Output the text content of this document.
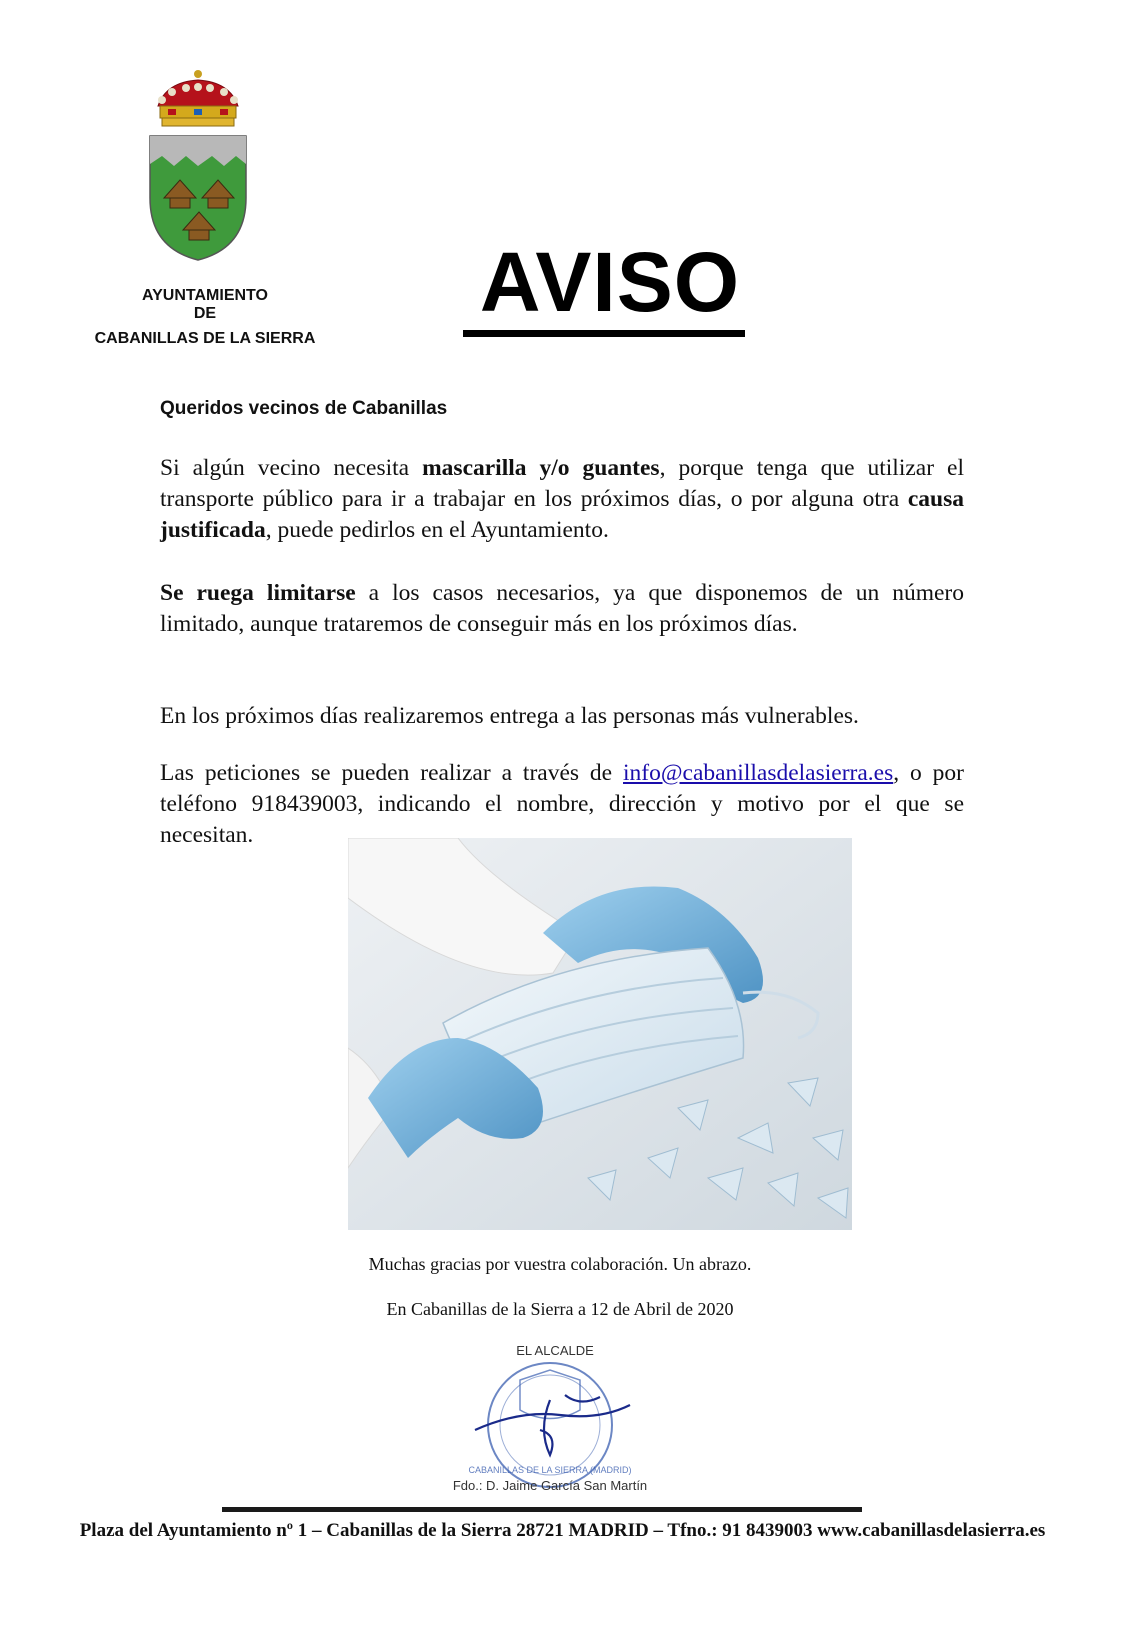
AYUNTAMIENTO
DE
CABANILLAS DE LA SIERRA
AVISO
Queridos vecinos de Cabanillas
Si algún vecino necesita mascarilla y/o guantes, porque tenga que utilizar el transporte público para ir a trabajar en los próximos días, o por alguna otra causa justificada, puede pedirlos en el Ayuntamiento.
Se ruega limitarse a los casos necesarios, ya que disponemos de un número limitado, aunque trataremos de conseguir más en los próximos días.
En los próximos días realizaremos entrega a las personas más vulnerables.
Las peticiones se pueden realizar a través de info@cabanillasdelasierra.es, o por teléfono 918439003, indicando el nombre, dirección y motivo por el que se necesitan.
Muchas gracias por vuestra colaboración. Un abrazo.
En Cabanillas de la Sierra a 12 de Abril de 2020
EL ALCALDE
CABANILLAS DE LA SIERRA (MADRID)
Fdo.: D. Jaime García San Martín
Plaza del Ayuntamiento nº 1 – Cabanillas de la Sierra 28721 MADRID – Tfno.: 91 8439003 www.cabanillasdelasierra.es
